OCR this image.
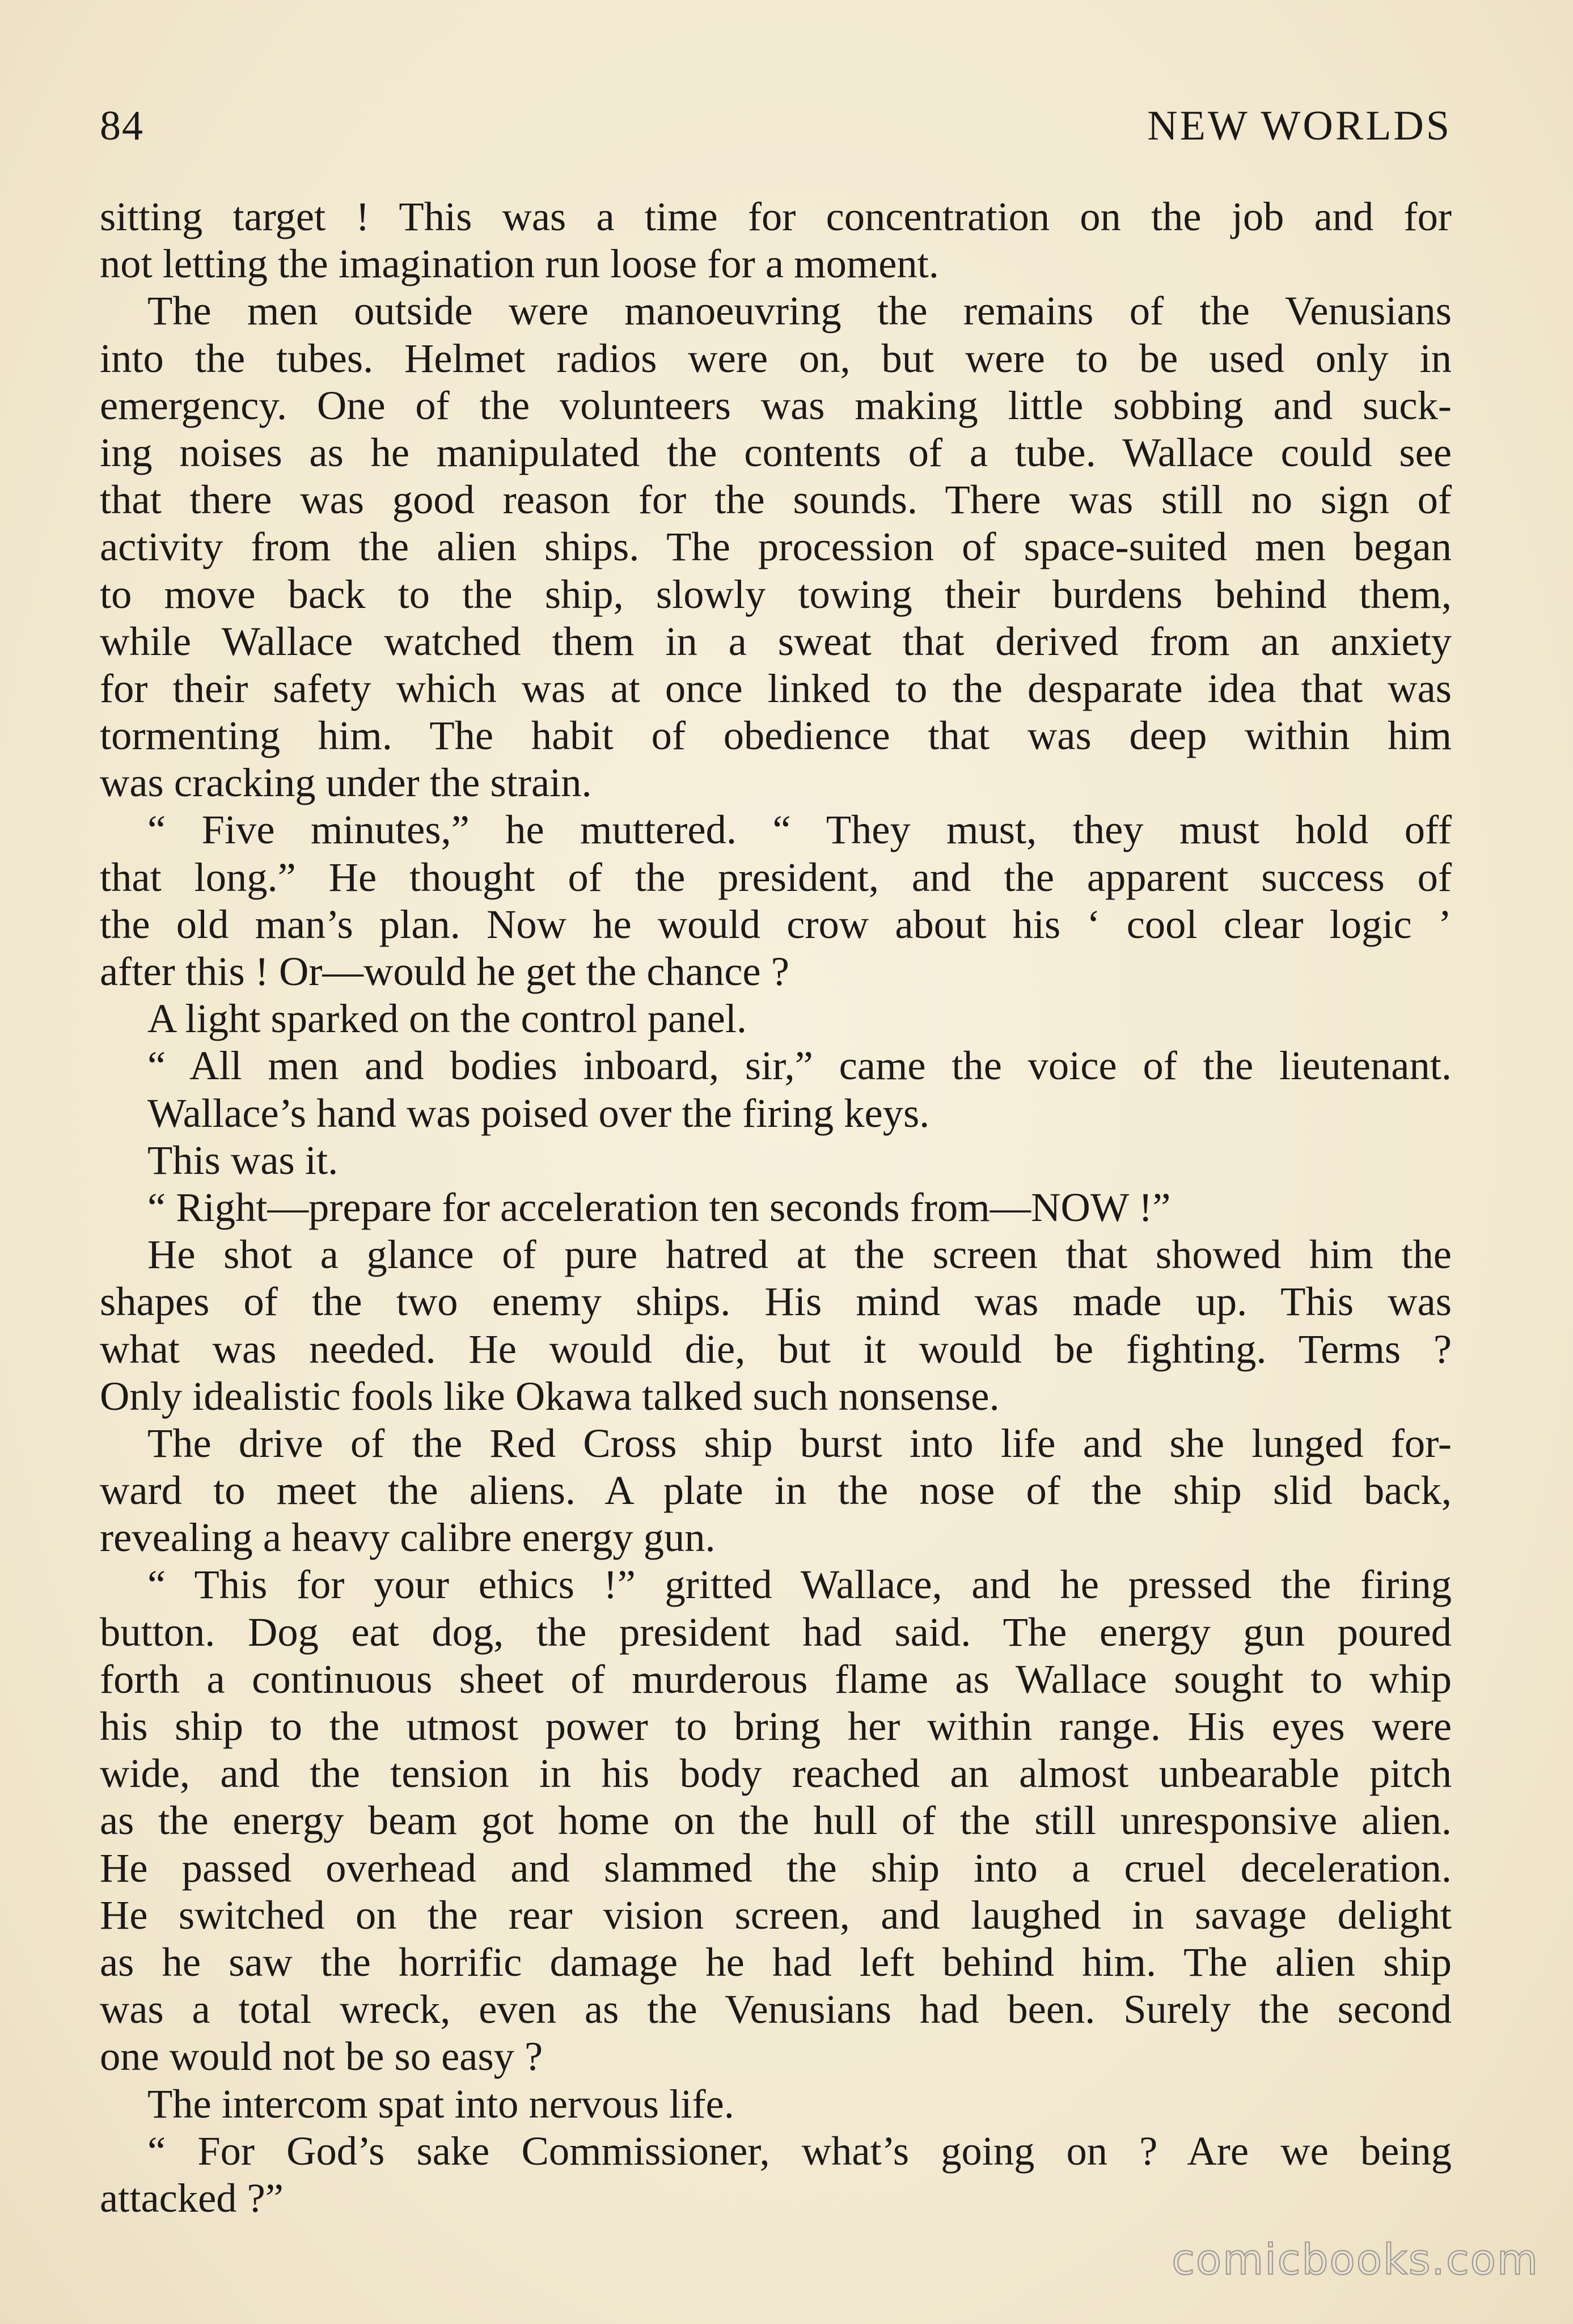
84	NEW WORLDS
sitting target ! This was a time for concentration on the job and for
not letting the imagination run loose for a moment.
The men outside were manoeuvring the remains of the Venusians
into the tubes. Helmet radios were on, but were to be used only in
emergency. One of the volunteers was making little sobbing and suck-
ing noises as he manipulated the contents of a tube. Wallace could see
that there was good reason for the sounds. There was still no sign of
activity from the alien ships. The procession of space-suited men began
to move back to the ship, slowly towing their burdens behind them,
while Wallace watched them in a sweat that derived from an anxiety
for their safety which was at once linked to the desparate idea that was
tormenting him. The habit of obedience that was deep within him
was cracking under the strain.
“ Five minutes,” he muttered. “ They must, they must hold off
that long.” He thought of the president, and the apparent success of
the old man’s plan. Now he would crow about his ‘ cool clear logic ’
after this ! Or—would he get the chance ?
A light sparked on the control panel.
“ All men and bodies inboard, sir,” came the voice of the lieutenant.
Wallace’s hand was poised over the firing keys.
This was it.
“ Right—prepare for acceleration ten seconds from—NOW !”
He shot a glance of pure hatred at the screen that showed him the
shapes of the two enemy ships. His mind was made up. This was
what was needed. He would die, but it would be fighting. Terms ?
Only idealistic fools like Okawa talked such nonsense.
The drive of the Red Cross ship burst into life and she lunged for-
ward to meet the aliens. A plate in the nose of the ship slid back,
revealing a heavy calibre energy gun.
“ This for your ethics !” gritted Wallace, and he pressed the firing
button. Dog eat dog, the president had said. The energy gun poured
forth a continuous sheet of murderous flame as Wallace sought to whip
his ship to the utmost power to bring her within range. His eyes were
wide, and the tension in his body reached an almost unbearable pitch
as the energy beam got home on the hull of the still unresponsive alien.
He passed overhead and slammed the ship into a cruel deceleration.
He switched on the rear vision screen, and laughed in savage delight
as he saw the horrific damage he had left behind him. The alien ship
was a total wreck, even as the Venusians had been. Surely the second
one would not be so easy ?
The intercom spat into nervous life.
“ For God’s sake Commissioner, what’s going on ? Are we being
attacked ?”
comicbooks.com
